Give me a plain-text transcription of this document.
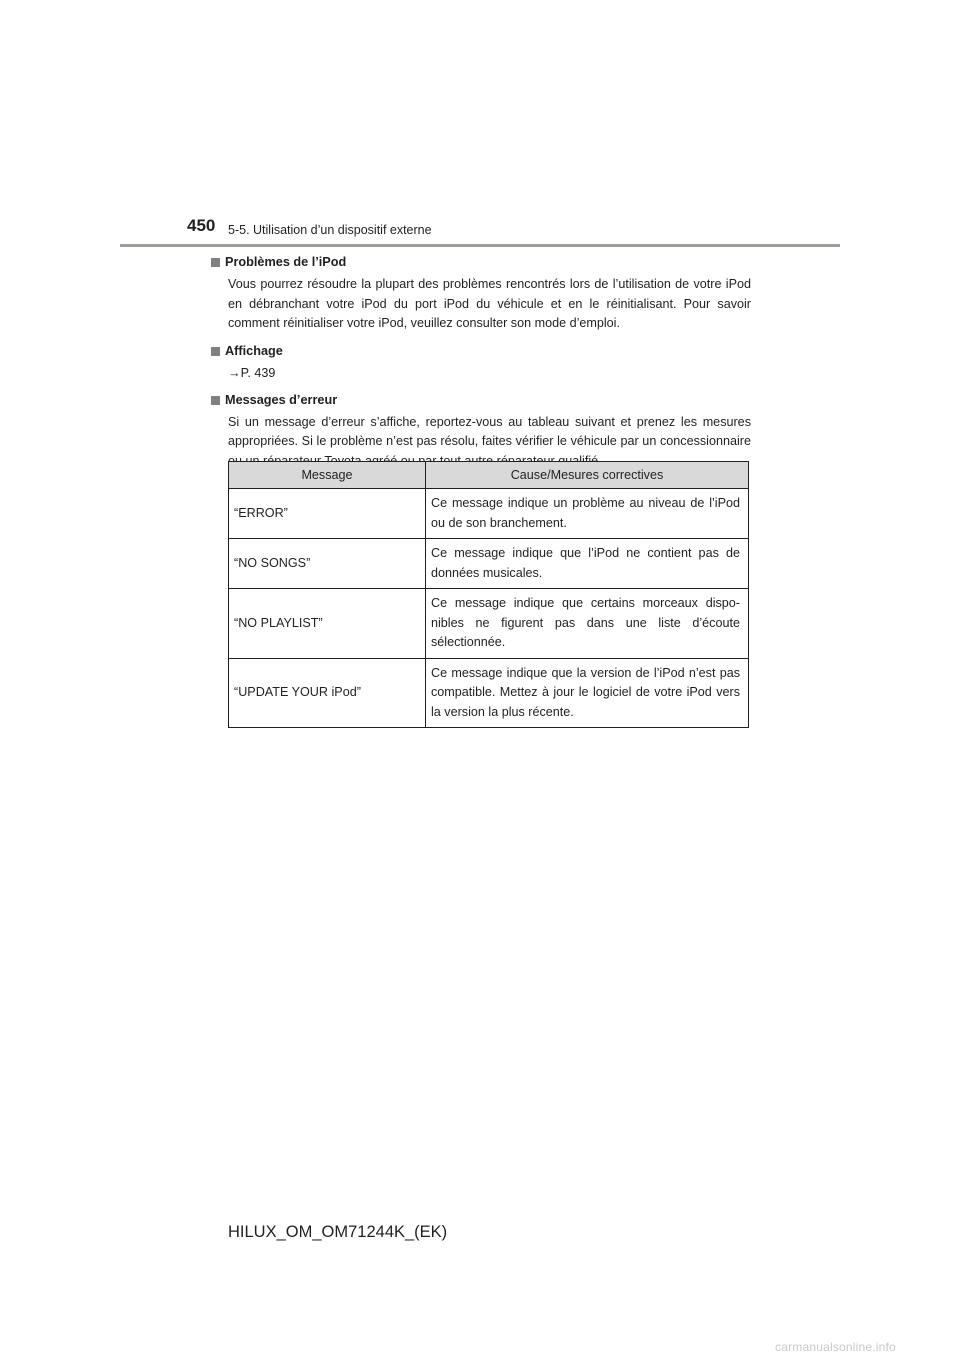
450 5-5. Utilisation d’un dispositif externe

Problèmes de l’iPod

Vous pourrez résoudre la plupart des problèmes rencontrés lors de l’utilisation de votre iPod en débranchant votre iPod du port iPod du véhicule et en le réinitialisant. Pour savoir comment réinitialiser votre iPod, veuillez consulter son mode d’emploi.

Affichage

→P. 439

Messages d’erreur

Si un message d’erreur s’affiche, reportez-vous au tableau suivant et prenez les mesures appropriées. Si le problème n’est pas résolu, faites vérifier le véhicule par un concessionnaire

Message	Cause/Mesures correctives
“ERROR”	Ce message indique un problème au niveau de l’iPod ou de son branchement.
“NO SONGS”	Ce message indique que l’iPod ne contient pas de données musicales.
“NO PLAYLIST”	Ce message indique que certains morceaux dispo-nibles ne figurent pas dans une liste d’écoute sélectionnée.
“UPDATE YOUR iPod”	Ce message indique que la version de l’iPod n’est pas compatible. Mettez à jour le logiciel de votre iPod vers la version la plus récente.
HILUX_OM_OM71244K_(EK)
carmanualsonline.info
